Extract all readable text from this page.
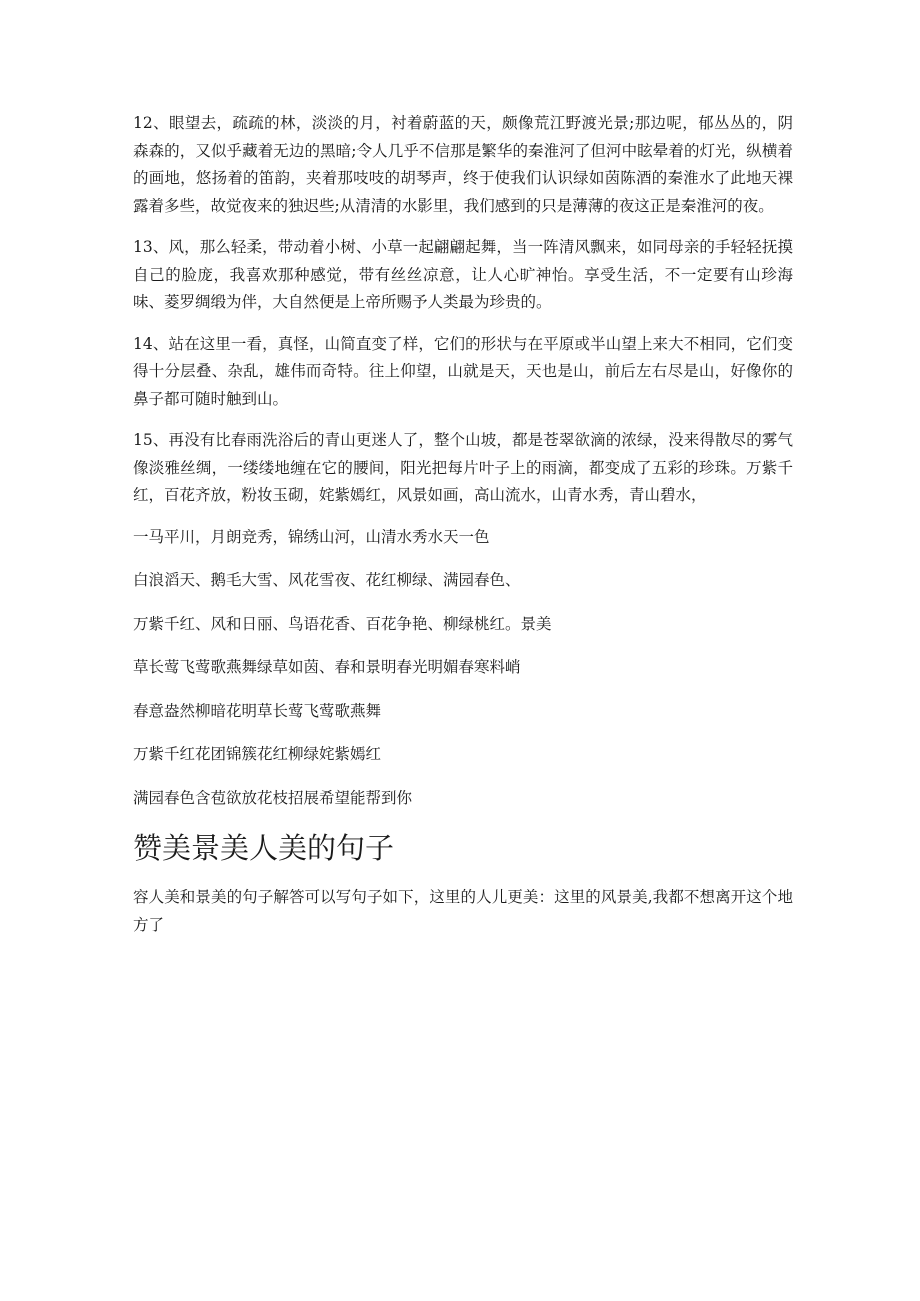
12、眼望去，疏疏的林，淡淡的月，衬着蔚蓝的天，颇像荒江野渡光景;那边呢，郁丛丛的，阴森森的，又似乎藏着无边的黑暗;令人几乎不信那是繁华的秦淮河了但河中眩晕着的灯光，纵横着的画地，悠扬着的笛韵，夹着那吱吱的胡琴声，终于使我们认识绿如茵陈酒的秦淮水了此地天裸露着多些，故觉夜来的独迟些;从清清的水影里，我们感到的只是薄薄的夜这正是秦淮河的夜。

13、风，那么轻柔，带动着小树、小草一起翩翩起舞，当一阵清风飘来，如同母亲的手轻轻抚摸自己的脸庞，我喜欢那种感觉，带有丝丝凉意，让人心旷神怡。享受生活，不一定要有山珍海味、菱罗绸缎为伴，大自然便是上帝所赐予人类最为珍贵的。

14、站在这里一看，真怪，山简直变了样，它们的形状与在平原或半山望上来大不相同，它们变得十分层叠、杂乱，雄伟而奇特。往上仰望，山就是天，天也是山，前后左右尽是山，好像你的鼻子都可随时触到山。

15、再没有比春雨洗浴后的青山更迷人了，整个山坡，都是苍翠欲滴的浓绿，没来得散尽的雾气像淡雅丝绸，一缕缕地缠在它的腰间，阳光把每片叶子上的雨滴，都变成了五彩的珍珠。万紫千红，百花齐放，粉妆玉砌，姹紫嫣红，风景如画，高山流水，山青水秀，青山碧水，

一马平川，月朗竞秀，锦绣山河，山清水秀水天一色

白浪滔天、鹅毛大雪、风花雪夜、花红柳绿、满园春色、

万紫千红、风和日丽、鸟语花香、百花争艳、柳绿桃红。景美

草长莺飞莺歌燕舞绿草如茵、春和景明春光明媚春寒料峭

春意盎然柳暗花明草长莺飞莺歌燕舞

万紫千红花团锦簇花红柳绿姹紫嫣红

满园春色含苞欲放花枝招展希望能帮到你

赞美景美人美的句子

容人美和景美的句子解答可以写句子如下，这里的人儿更美：这里的风景美,我都不想离开这个地方了
